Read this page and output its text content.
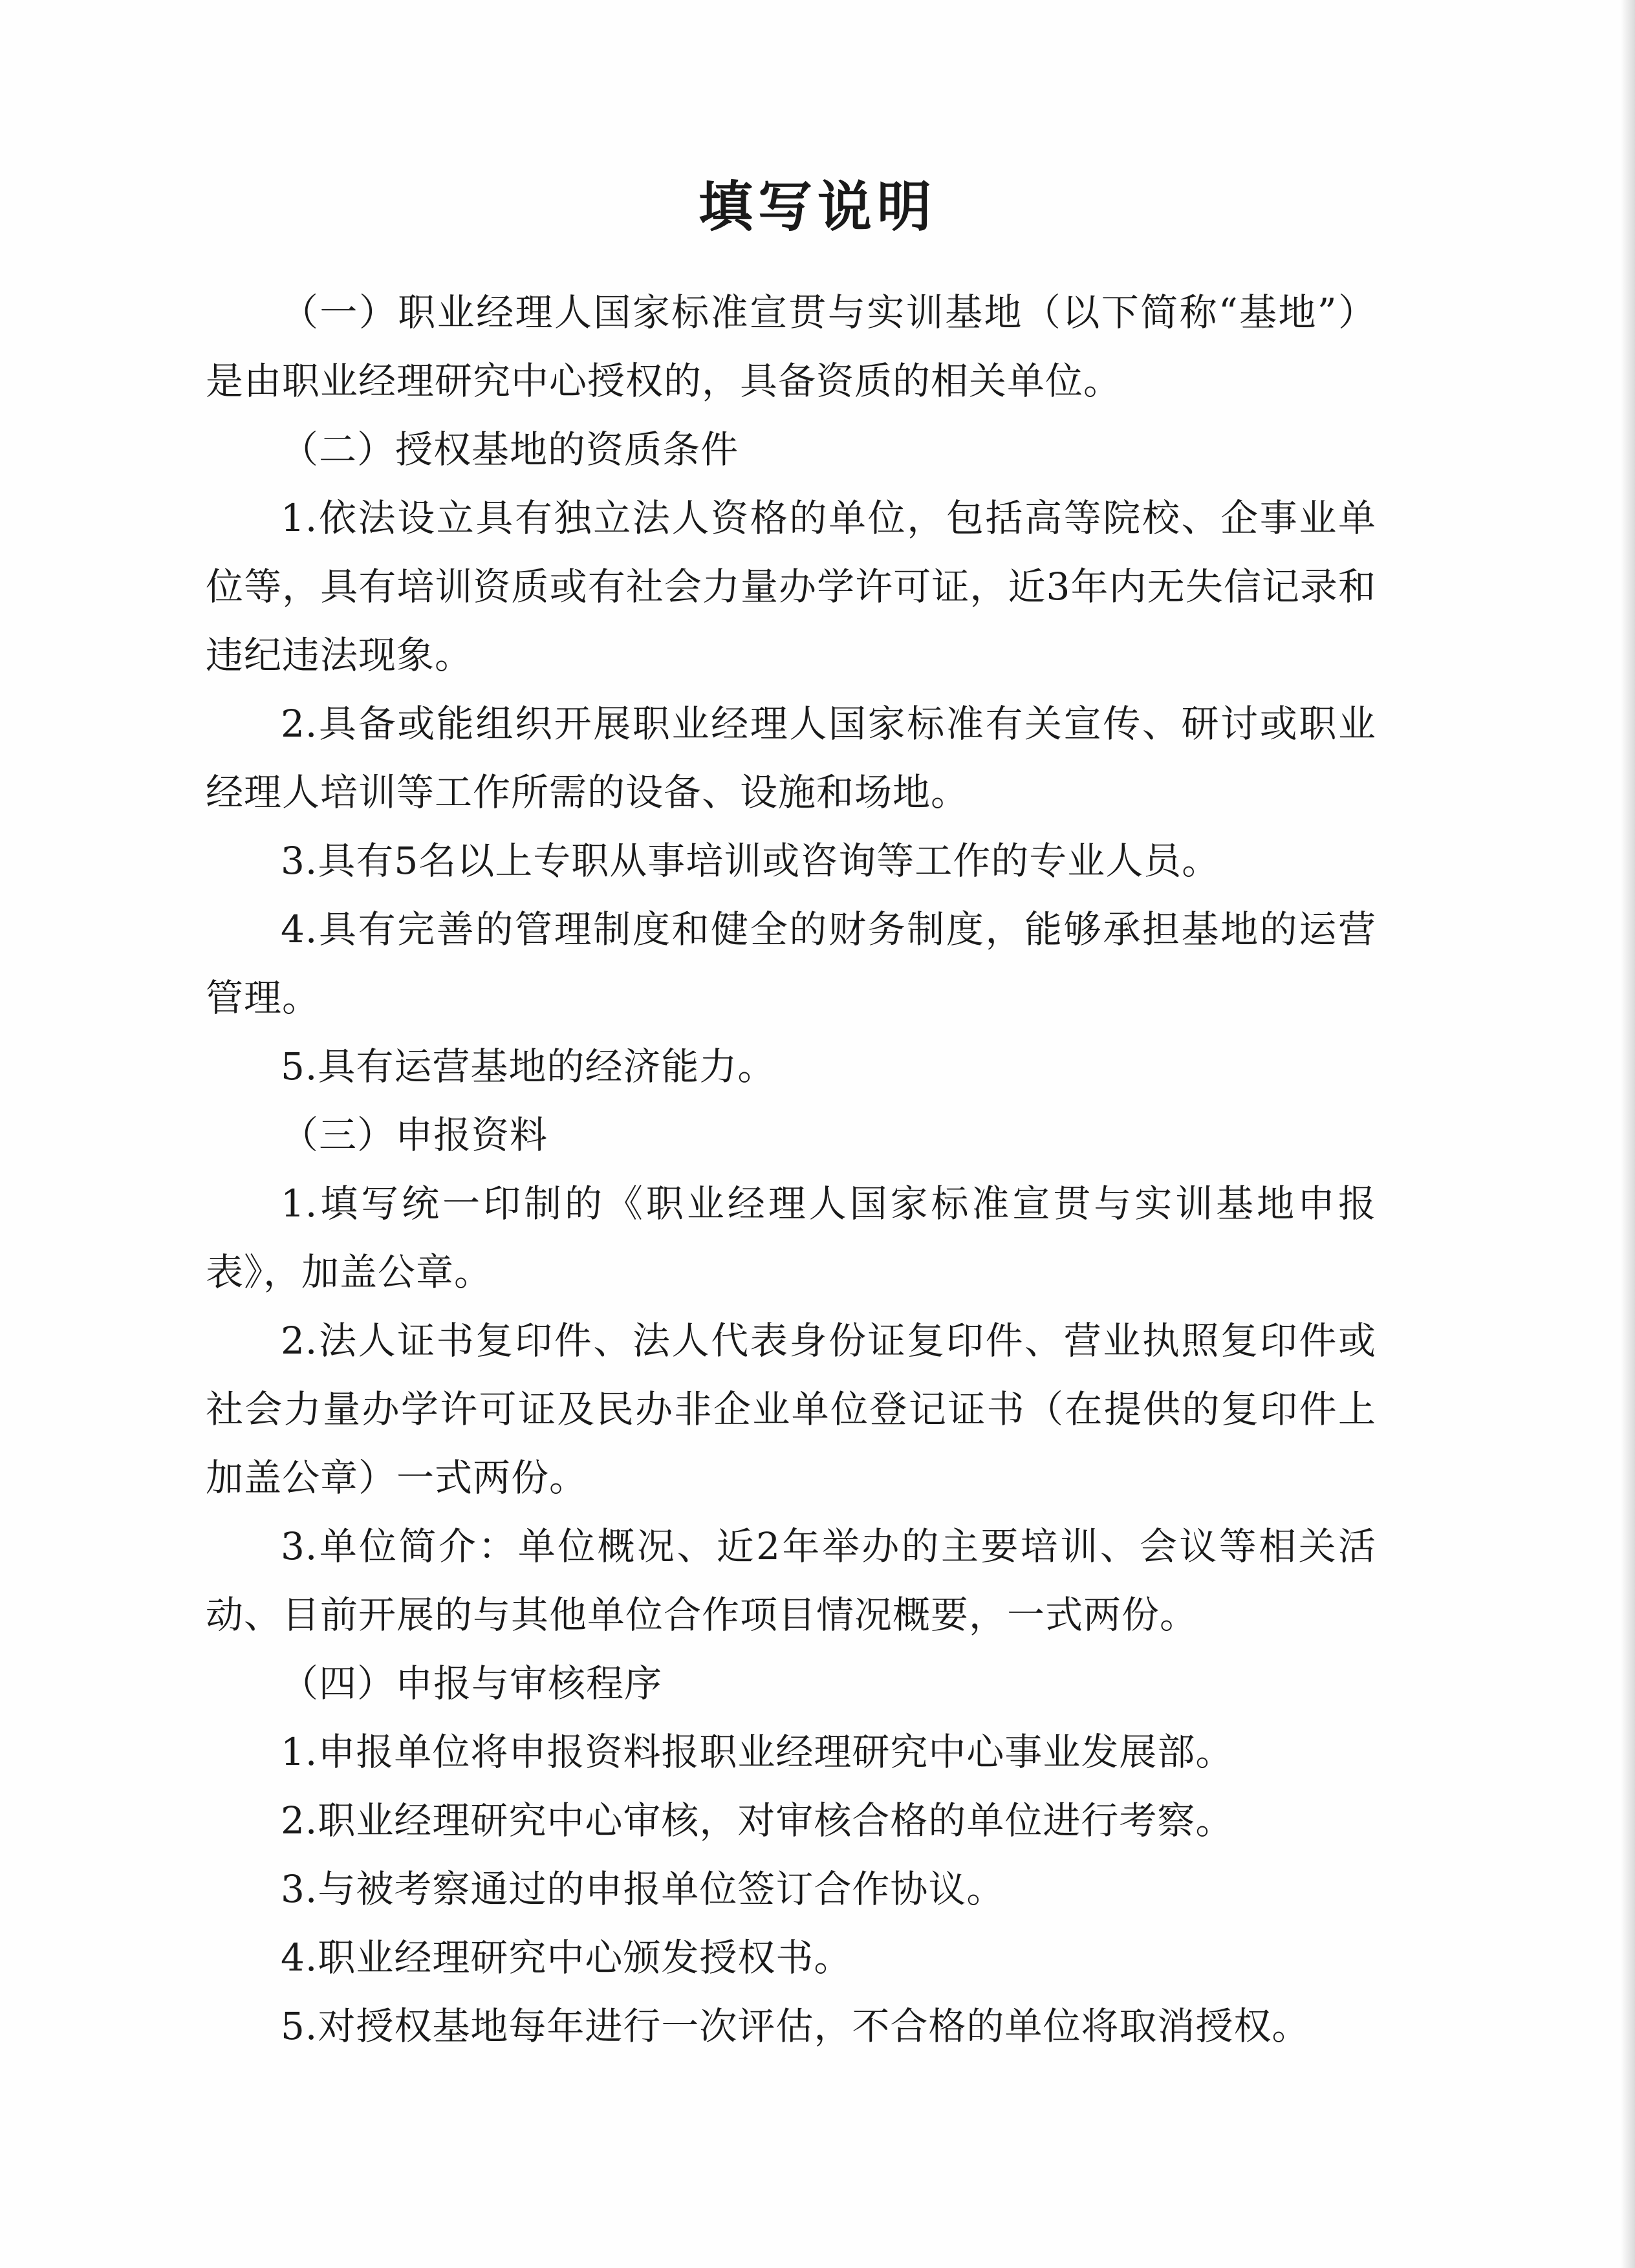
填写说明

（一）职业经理人国家标准宣贯与实训基地（以下简称“基地”）是由职业经理研究中心授权的，具备资质的相关单位。

（二）授权基地的资质条件

1.依法设立具有独立法人资格的单位，包括高等院校、企事业单位等，具有培训资质或有社会力量办学许可证，近3年内无失信记录和违纪违法现象。

2.具备或能组织开展职业经理人国家标准有关宣传、研讨或职业经理人培训等工作所需的设备、设施和场地。

3.具有5名以上专职从事培训或咨询等工作的专业人员。

4.具有完善的管理制度和健全的财务制度，能够承担基地的运营管理。

5.具有运营基地的经济能力。

（三）申报资料

1.填写统一印制的《职业经理人国家标准宣贯与实训基地申报表》，加盖公章。

2.法人证书复印件、法人代表身份证复印件、营业执照复印件或社会力量办学许可证及民办非企业单位登记证书（在提供的复印件上加盖公章）一式两份。

3.单位简介：单位概况、近2年举办的主要培训、会议等相关活动、目前开展的与其他单位合作项目情况概要，一式两份。

（四）申报与审核程序

1.申报单位将申报资料报职业经理研究中心事业发展部。

2.职业经理研究中心审核，对审核合格的单位进行考察。

3.与被考察通过的申报单位签订合作协议。

4.职业经理研究中心颁发授权书。

5.对授权基地每年进行一次评估，不合格的单位将取消授权。
